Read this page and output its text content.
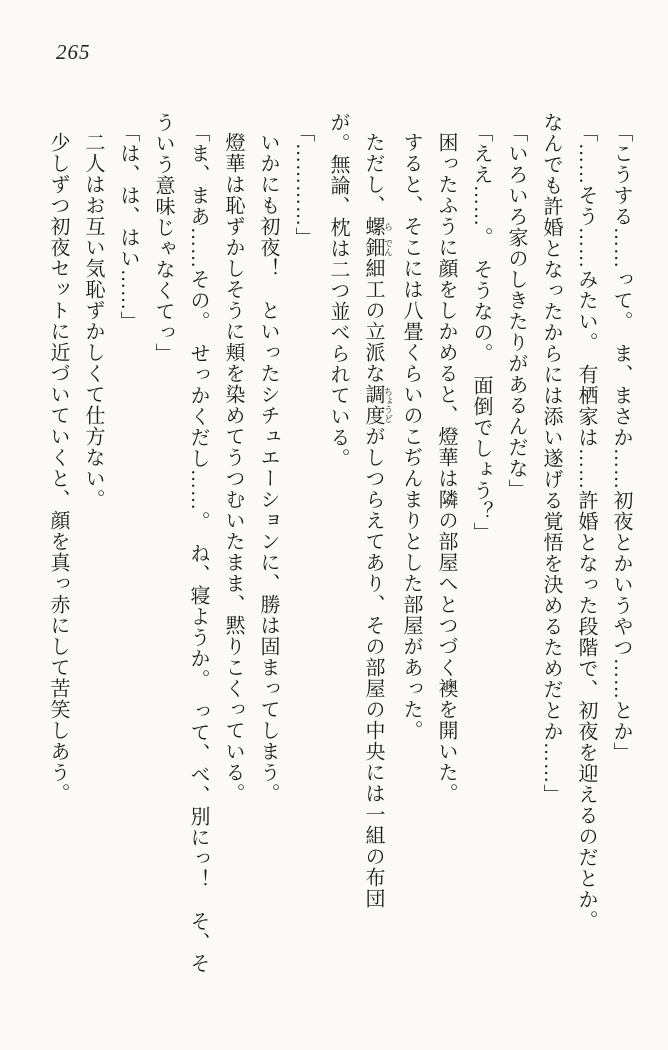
265

「こうする……って。　ま、まさか……初夜とかいうやつ……とか」

「……そう……みたい。　有栖家は……許婚となった段階で、初夜を迎えるのだとか。

なんでも許婚となったからには添い遂げる覚悟を決めるためだとか……」

「いろいろ家のしきたりがあるんだな」

「ええ……。　そうなの。　面倒でしょう？」

困ったふうに顔をしかめると、燈華は隣の部屋へとつづく襖を開いた。

すると、そこには八畳くらいのこぢんまりとした部屋があった。

ただし、螺 ら鈿 でん細工の立派な調度 ちょうどがしつらえてあり、その部屋の中央には一組の布団

が。無論、枕は二つ並べられている。

「…………」

いかにも初夜！　といったシチュエーションに、勝は固まってしまう。

燈華は恥ずかしそうに頬を染めてうつむいたまま、黙りこくっている。

「ま、まあ……その。　せっかくだし……。　ね、寝ようか。　って、べ、別にっ！　そ、そ

ういう意味じゃなくてっ」

「は、は、はい……」

二人はお互い気恥ずかしくて仕方ない。

少しずつ初夜セットに近づいていくと、顔を真っ赤にして苦笑しあう。
